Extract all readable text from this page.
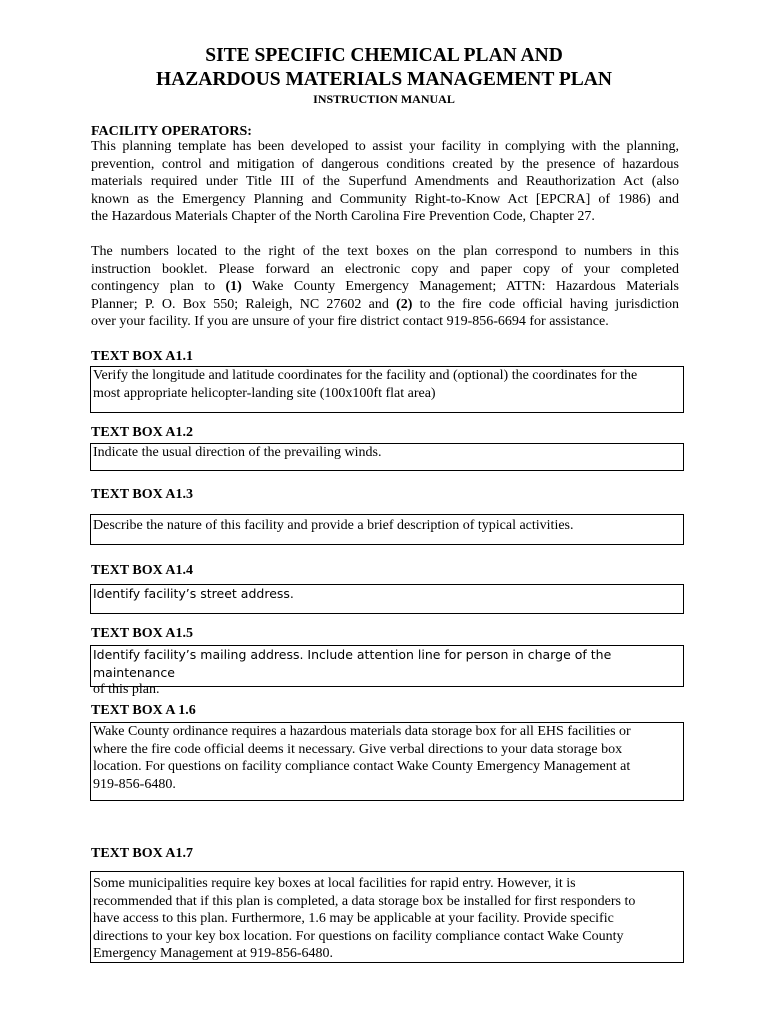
SITE SPECIFIC CHEMICAL PLAN AND
HAZARDOUS MATERIALS MANAGEMENT PLAN
INSTRUCTION MANUAL
FACILITY OPERATORS:
This planning template has been developed to assist your facility in complying with the planning,
prevention, control and mitigation of dangerous conditions created by the presence of hazardous
materials required under Title III of the Superfund Amendments and Reauthorization Act (also
known as the Emergency Planning and Community Right-to-Know Act [EPCRA] of 1986) and
the Hazardous Materials Chapter of the North Carolina Fire Prevention Code, Chapter 27.
The numbers located to the right of the text boxes on the plan correspond to numbers in this
instruction booklet. Please forward an electronic copy and paper copy of your completed
contingency plan to (1) Wake County Emergency Management; ATTN: Hazardous Materials
Planner; P. O. Box 550; Raleigh, NC 27602 and (2) to the fire code official having jurisdiction
over your facility. If you are unsure of your fire district contact 919-856-6694 for assistance.
TEXT BOX A1.1
Verify the longitude and latitude coordinates for the facility and (optional) the coordinates for the
most appropriate helicopter-landing site (100x100ft flat area)
TEXT BOX A1.2
Indicate the usual direction of the prevailing winds.
TEXT BOX A1.3
Describe the nature of this facility and provide a brief description of typical activities.
TEXT BOX A1.4
Identify facility’s street address.
TEXT BOX A1.5
Identify facility’s mailing address. Include attention line for person in charge of the maintenance
of this plan.
TEXT BOX A 1.6
Wake County ordinance requires a hazardous materials data storage box for all EHS facilities or
where the fire code official deems it necessary. Give verbal directions to your data storage box
location. For questions on facility compliance contact Wake County Emergency Management at
919-856-6480.
TEXT BOX A1.7
Some municipalities require key boxes at local facilities for rapid entry. However, it is
recommended that if this plan is completed, a data storage box be installed for first responders to
have access to this plan. Furthermore, 1.6 may be applicable at your facility. Provide specific
directions to your key box location. For questions on facility compliance contact Wake County
Emergency Management at 919-856-6480.
